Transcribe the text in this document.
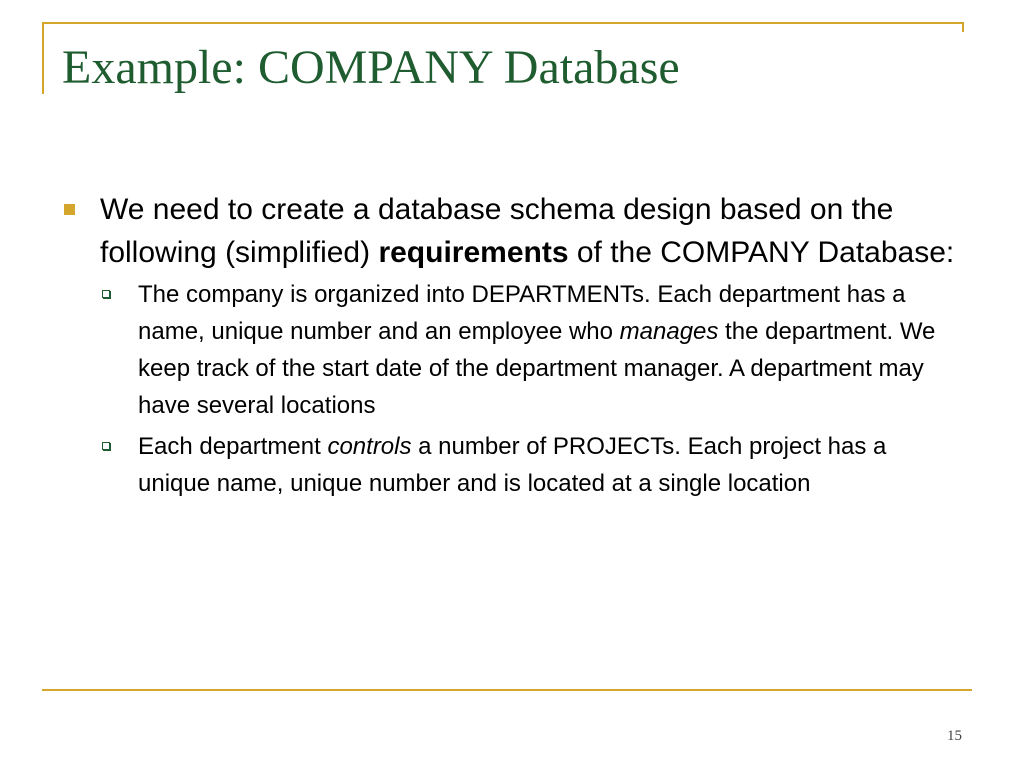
Example: COMPANY Database
We need to create a database schema design based on the following (simplified) requirements of the COMPANY Database:
The company is organized into DEPARTMENTs. Each department has a name, unique number and an employee who manages the department. We keep track of the start date of the department manager. A department may have several locations
Each department controls a number of PROJECTs. Each project has a unique name, unique number and is located at a single location
15
